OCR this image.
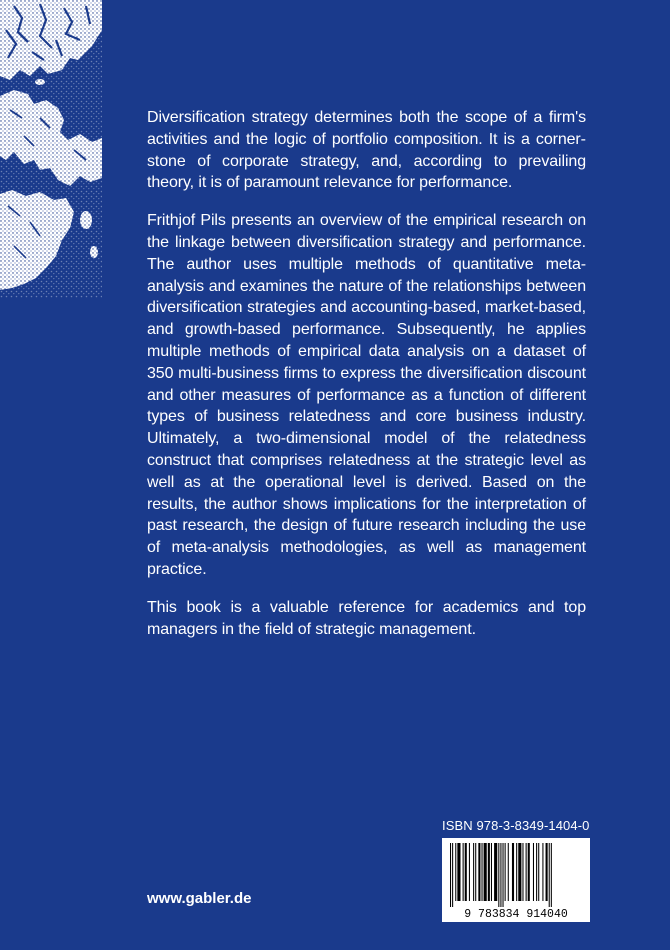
Diversification strategy determines both the scope of a firm's activities and the logic of portfolio composition. It is a cornerstone of corporate strategy, and, according to prevailing theory, it is of paramount relevance for performance.

Frithjof Pils presents an overview of the empirical research on the linkage between diversification strategy and performance. The author uses multiple methods of quantitative meta-analysis and examines the nature of the relationships between diversification strategies and accounting-based, market-based, and growth-based performance. Subsequently, he applies multiple methods of empirical data analysis on a dataset of 350 multi-business firms to express the diversification discount and other measures of performance as a function of different types of business relatedness and core business industry. Ultimately, a two-dimensional model of the relatedness construct that comprises relatedness at the strategic level as well as at the operational level is derived. Based on the results, the author shows implications for the interpretation of past research, the design of future research including the use of meta-analysis methodologies, as well as management practice.

This book is a valuable reference for academics and top managers in the field of strategic management.

ISBN 978-3-8349-1404-0
9 783834 914040
www.gabler.de
